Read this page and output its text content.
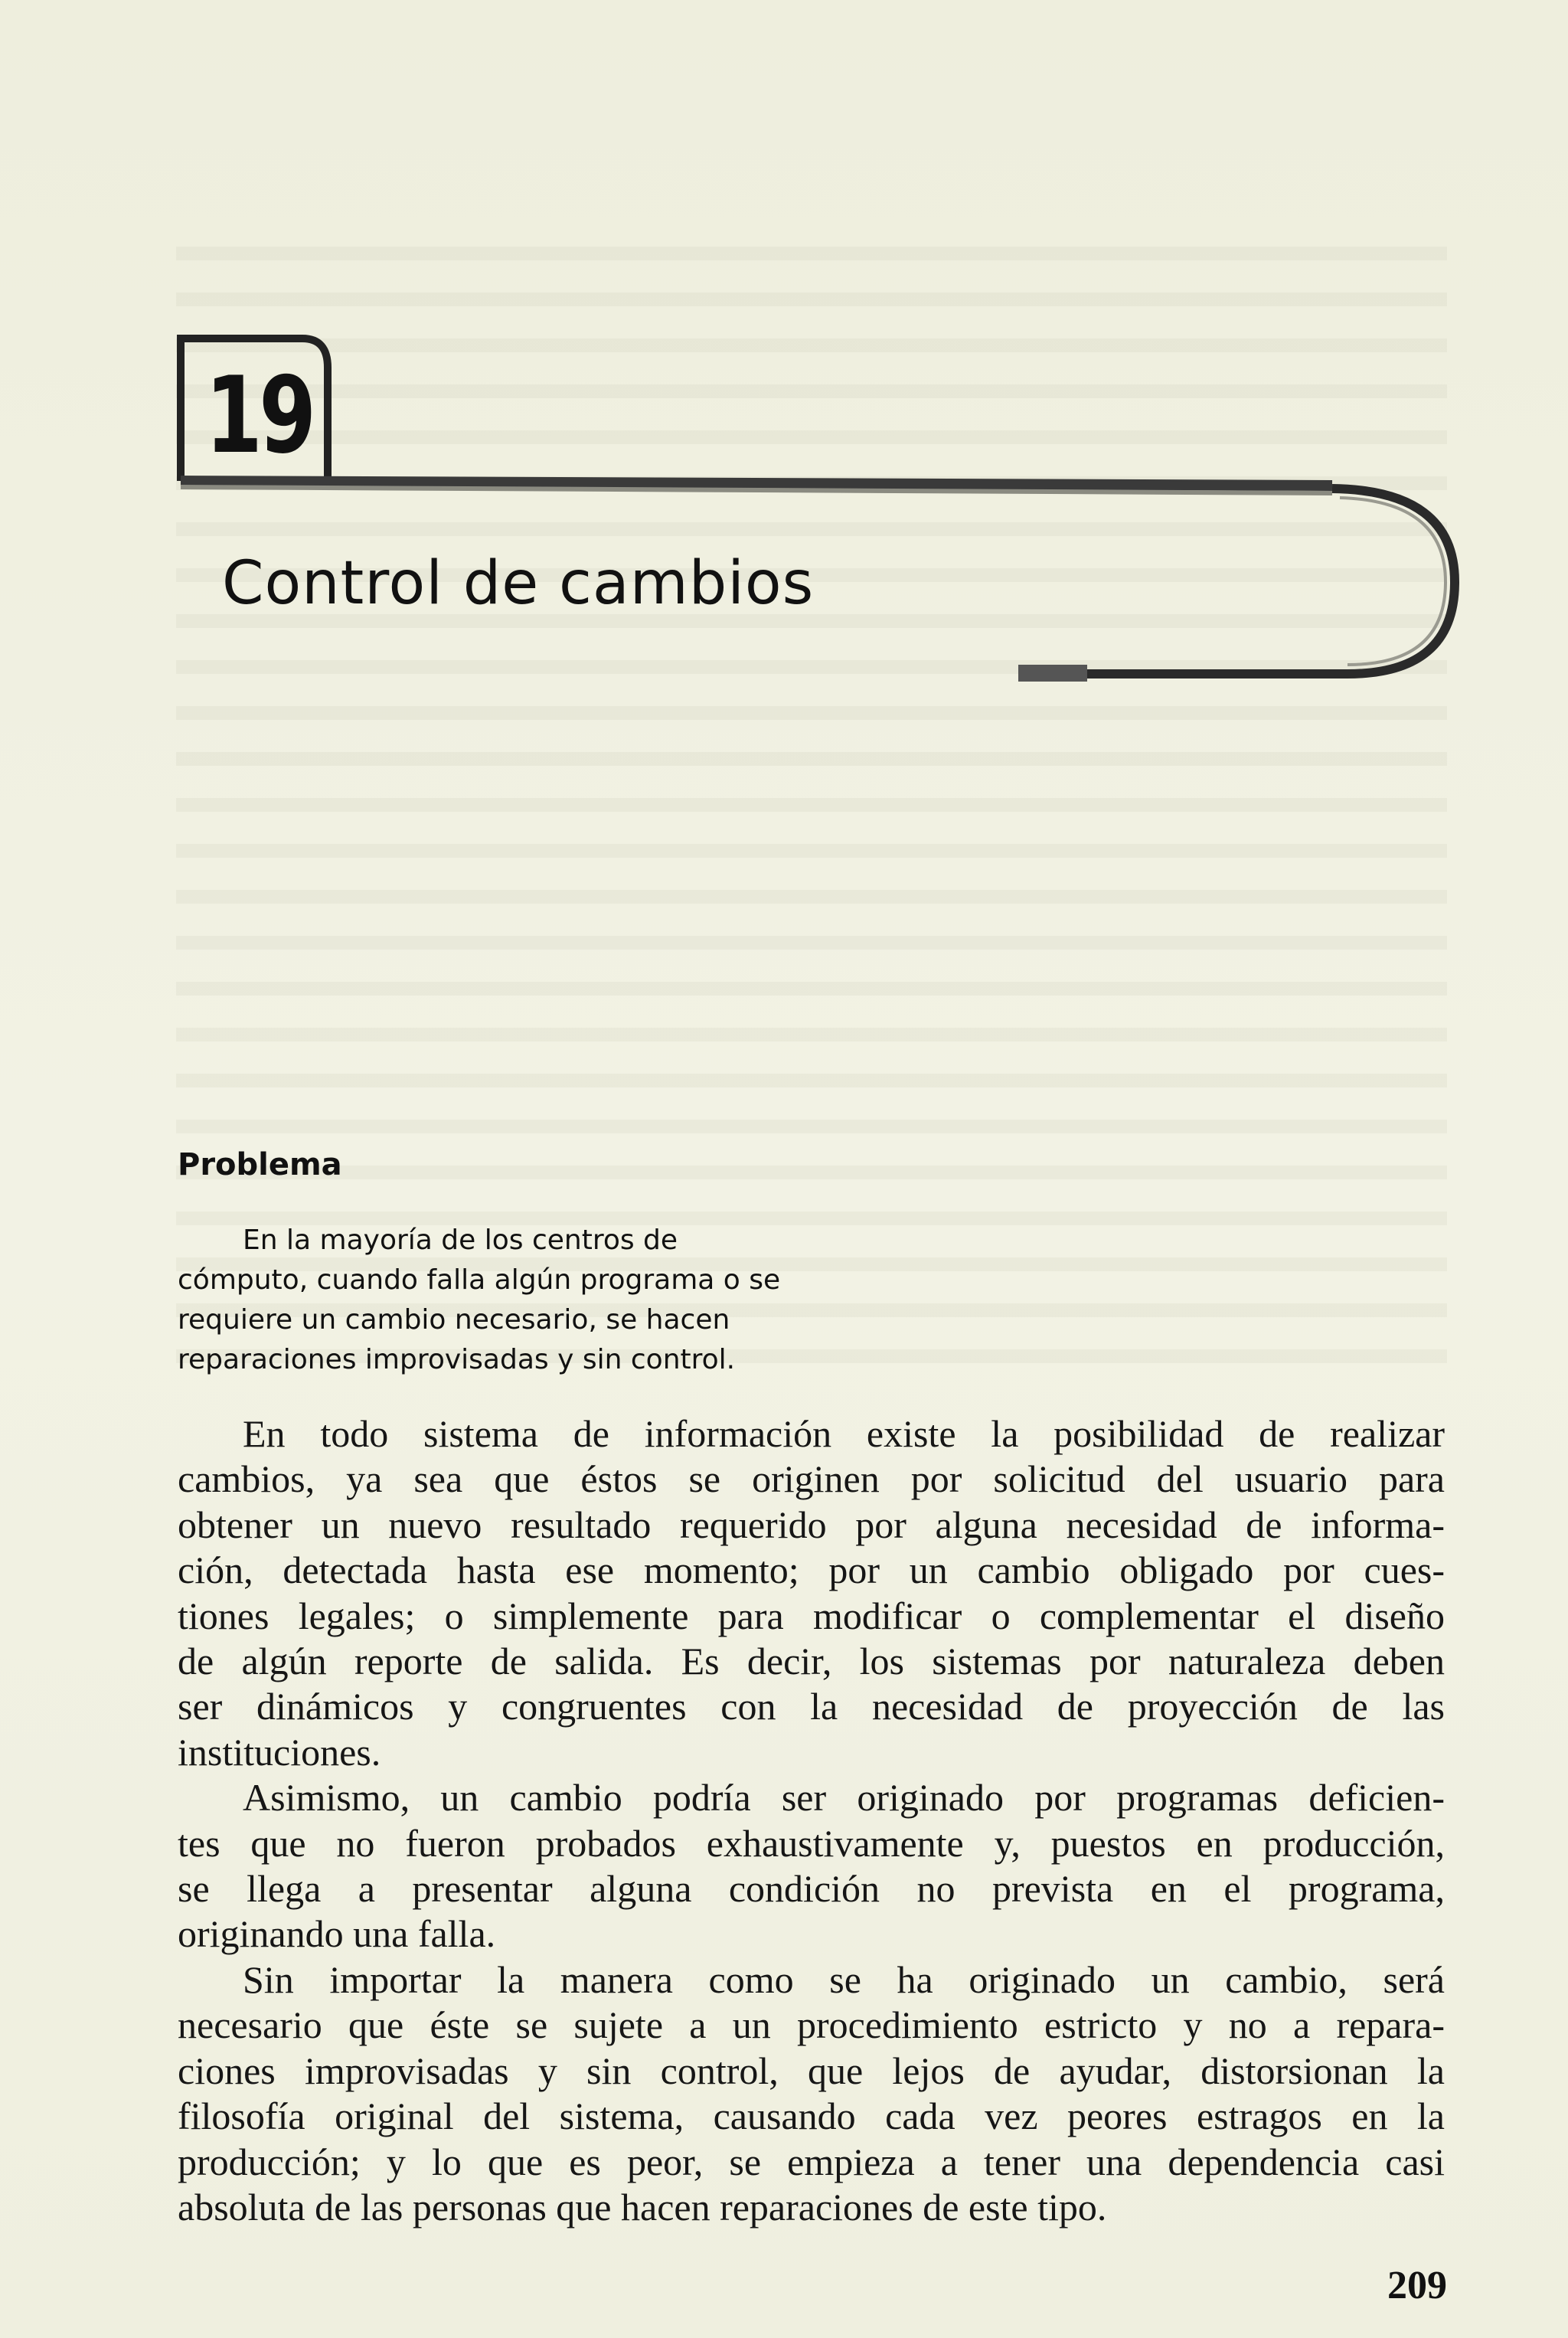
19
Control de cambios
Problema
En la mayoría de los centros de
cómputo, cuando falla algún programa o se
requiere un cambio necesario, se hacen
reparaciones improvisadas y sin control.
En todo sistema de información existe la posibilidad de realizar
cambios, ya sea que éstos se originen por solicitud del usuario para
obtener un nuevo resultado requerido por alguna necesidad de informa-
ción, detectada hasta ese momento; por un cambio obligado por cues-
tiones legales; o simplemente para modificar o complementar el diseño
de algún reporte de salida. Es decir, los sistemas por naturaleza deben
ser dinámicos y congruentes con la necesidad de proyección de las
instituciones.
Asimismo, un cambio podría ser originado por programas deficien-
tes que no fueron probados exhaustivamente y, puestos en producción,
se llega a presentar alguna condición no prevista en el programa,
originando una falla.
Sin importar la manera como se ha originado un cambio, será
necesario que éste se sujete a un procedimiento estricto y no a repara-
ciones improvisadas y sin control, que lejos de ayudar, distorsionan la
filosofía original del sistema, causando cada vez peores estragos en la
producción; y lo que es peor, se empieza a tener una dependencia casi
absoluta de las personas que hacen reparaciones de este tipo.
209
